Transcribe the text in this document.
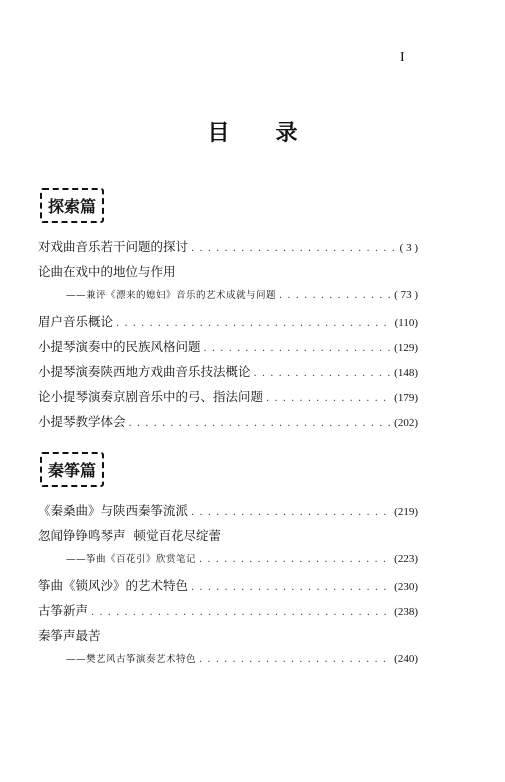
I
目录
探索篇
对戏曲音乐若干问题的探讨 . . .	( 3 )
论曲在戏中的地位与作用
——兼评《漂来的媳妇》音乐的艺术成就与问题 . . .	( 73 )
眉户音乐概论 . . .	(110)
小提琴演奏中的民族风格问题 . . .	(129)
小提琴演奏陕西地方戏曲音乐技法概论 . . .	(148)
论小提琴演奏京剧音乐中的弓、指法问题 . . .	(179)
小提琴教学体会 . . .	(202)
秦筝篇
《秦桑曲》与陕西秦筝流派 . . .	(219)
忽闻铮铮鸣琴声  顿觉百花尽绽蕾
——筝曲《百花引》欣赏笔记 . . .	(223)
筝曲《锁风沙》的艺术特色 . . .	(230)
古筝新声 . . .	(238)
秦筝声最苦
——樊艺风古筝演奏艺术特色 . . .	(240)
